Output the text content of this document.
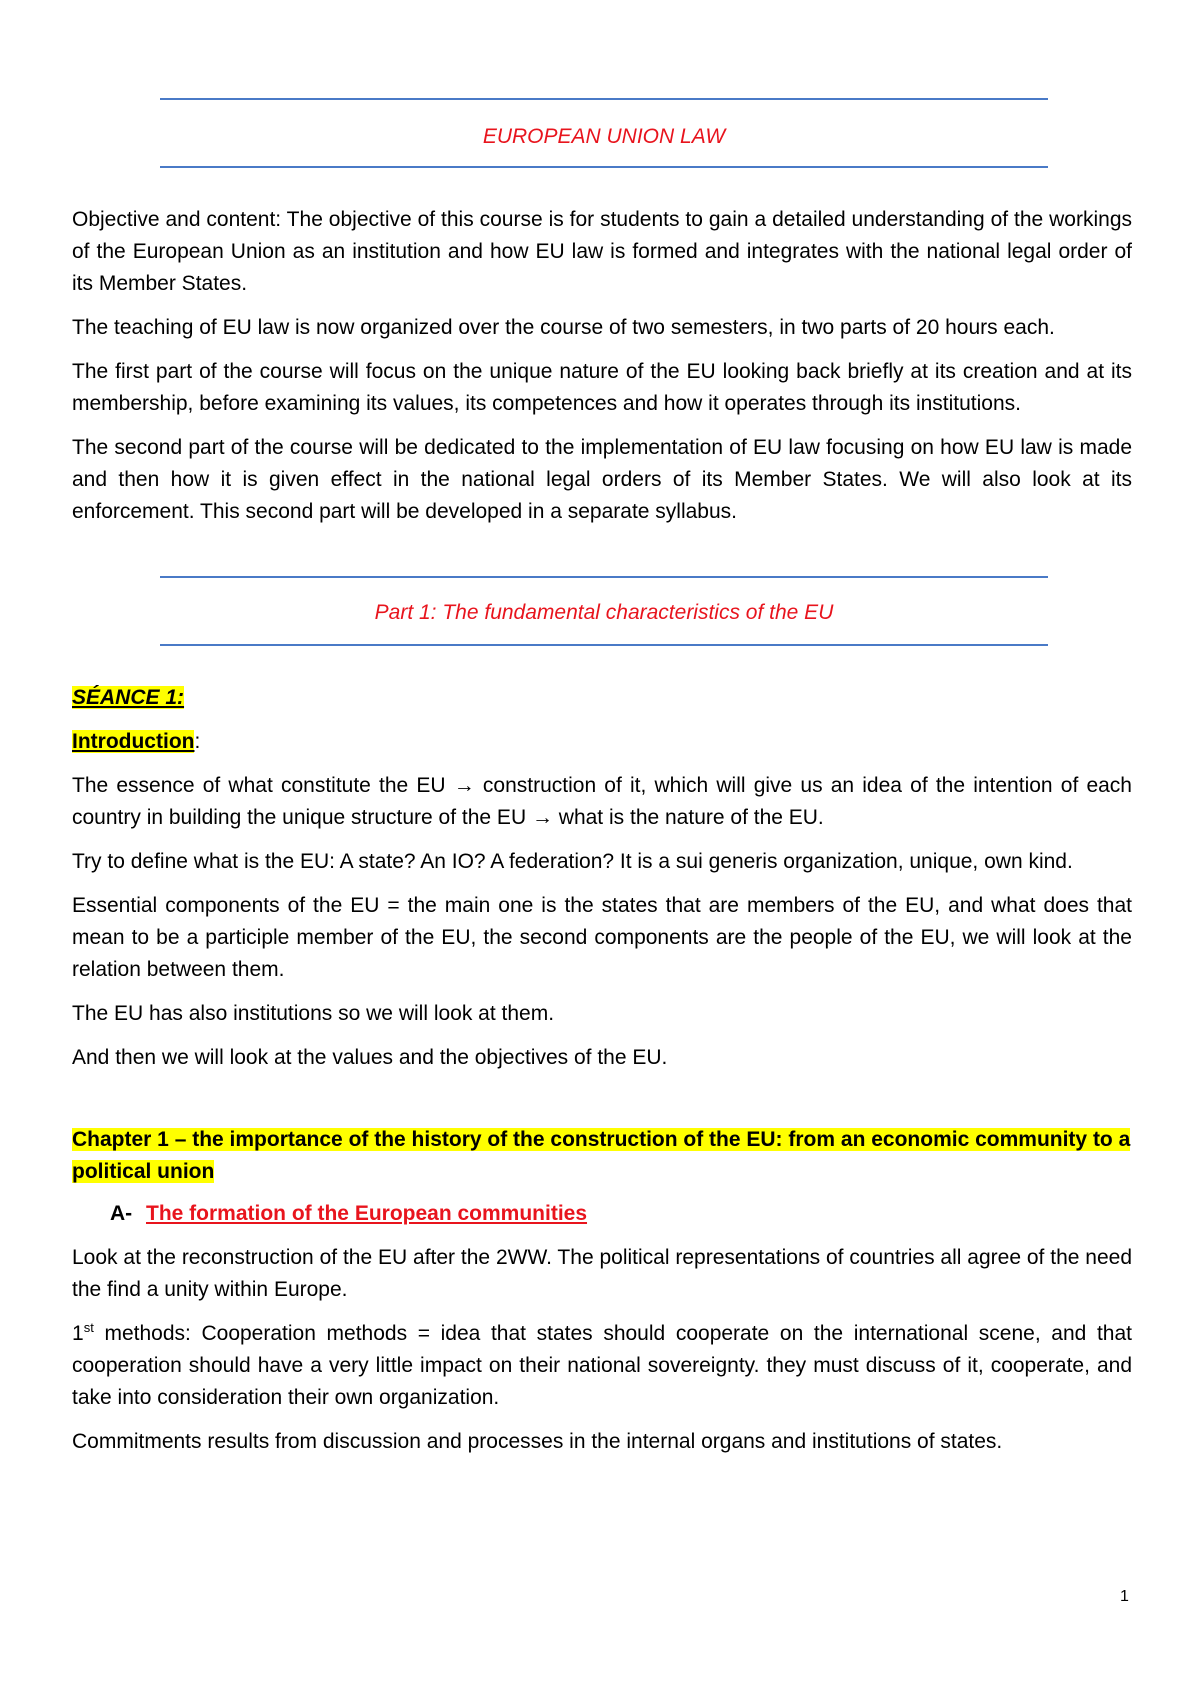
EUROPEAN UNION LAW

Objective and content: The objective of this course is for students to gain a detailed understanding of the workings of the European Union as an institution and how EU law is formed and integrates with the national legal order of its Member States.

The teaching of EU law is now organized over the course of two semesters, in two parts of 20 hours each.

The first part of the course will focus on the unique nature of the EU looking back briefly at its creation and at its membership, before examining its values, its competences and how it operates through its institutions.

The second part of the course will be dedicated to the implementation of EU law focusing on how EU law is made and then how it is given effect in the national legal orders of its Member States. We will also look at its enforcement. This second part will be developed in a separate syllabus.

Part 1: The fundamental characteristics of the EU

SÉANCE 1:

Introduction:

The essence of what constitute the EU → construction of it, which will give us an idea of the intention of each country in building the unique structure of the EU → what is the nature of the EU.

Try to define what is the EU: A state? An IO? A federation? It is a sui generis organization, unique, own kind.

Essential components of the EU = the main one is the states that are members of the EU, and what does that mean to be a participle member of the EU, the second components are the people of the EU, we will look at the relation between them.

The EU has also institutions so we will look at them.

And then we will look at the values and the objectives of the EU.

Chapter 1 – the importance of the history of the construction of the EU: from an economic community to a political union
A- The formation of the European communities

Look at the reconstruction of the EU after the 2WW. The political representations of countries all agree of the need the find a unity within Europe.

1st methods: Cooperation methods = idea that states should cooperate on the international scene, and that cooperation should have a very little impact on their national sovereignty. they must discuss of it, cooperate, and take into consideration their own organization.

Commitments results from discussion and processes in the internal organs and institutions of states.

1
